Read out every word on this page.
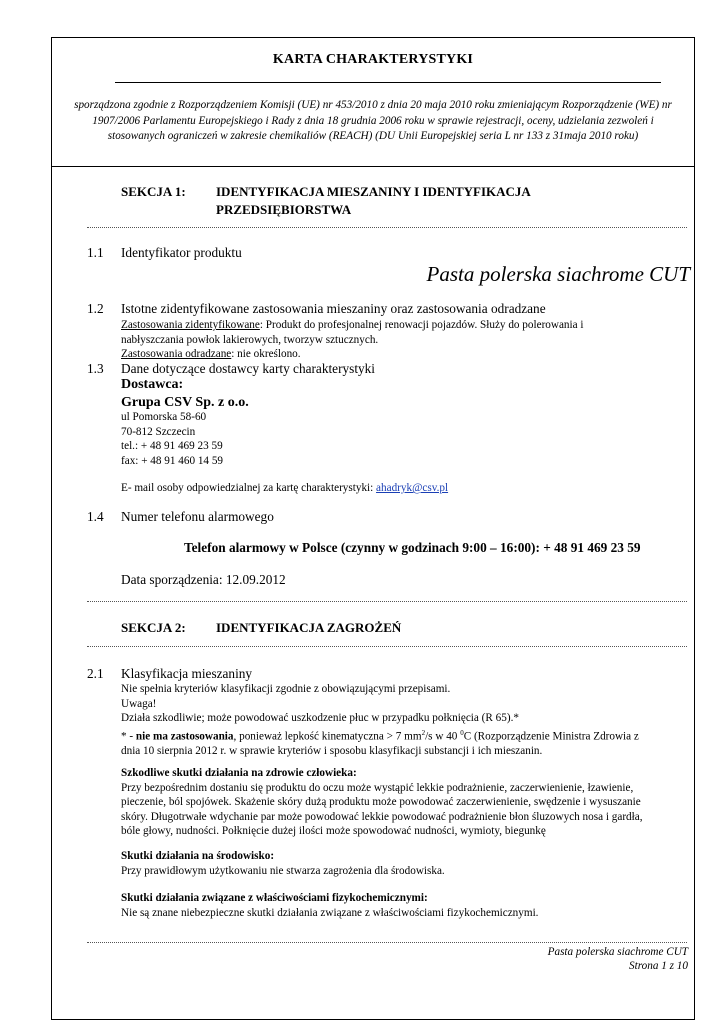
KARTA CHARAKTERYSTYKI
sporządzona zgodnie z Rozporządzeniem Komisji (UE) nr 453/2010 z dnia 20 maja 2010 roku zmieniającym Rozporządzenie (WE) nr 1907/2006 Parlamentu Europejskiego i Rady z dnia 18 grudnia 2006 roku w sprawie rejestracji, oceny, udzielania zezwoleń i stosowanych ograniczeń w zakresie chemikaliów (REACH) (DU Unii Europejskiej seria L nr 133 z 31maja 2010 roku)
SEKCJA 1: IDENTYFIKACJA MIESZANINY I IDENTYFIKACJA
PRZEDSIĘBIORSTWA
1.1 Identyfikator produktu
Pasta polerska siachrome CUT
1.2 Istotne zidentyfikowane zastosowania mieszaniny oraz zastosowania odradzane
Zastosowania zidentyfikowane: Produkt do profesjonalnej renowacji pojazdów. Służy do polerowania i
nabłyszczania powłok lakierowych, tworzyw sztucznych.
Zastosowania odradzane: nie określono.
1.3 Dane dotyczące dostawcy karty charakterystyki
Dostawca:
Grupa CSV Sp. z o.o.
ul Pomorska 58-60
70-812 Szczecin
tel.: + 48 91 469 23 59
fax: + 48 91 460 14 59
E- mail osoby odpowiedzialnej za kartę charakterystyki: ahadryk@csv.pl
1.4 Numer telefonu alarmowego
Telefon alarmowy w Polsce (czynny w godzinach 9:00 – 16:00): + 48 91 469 23 59
Data sporządzenia: 12.09.2012
SEKCJA 2: IDENTYFIKACJA ZAGROŻEŃ
2.1 Klasyfikacja mieszaniny
Nie spełnia kryteriów klasyfikacji zgodnie z obowiązującymi przepisami.
Uwaga!
Działa szkodliwie; może powodować uszkodzenie płuc w przypadku połknięcia (R 65).*
* - nie ma zastosowania, ponieważ lepkość kinematyczna > 7 $mm^2/s$ w 40 $^0$C (Rozporządzenie Ministra Zdrowia z
dnia 10 sierpnia 2012 r. w sprawie kryteriów i sposobu klasyfikacji substancji i ich mieszanin.
Szkodliwe skutki działania na zdrowie człowieka:
Przy bezpośrednim dostaniu się produktu do oczu może wystąpić lekkie podrażnienie, zaczerwienienie, łzawienie,
pieczenie, ból spojówek. Skażenie skóry dużą produktu może powodować zaczerwienienie, swędzenie i wysuszanie
skóry. Długotrwałe wdychanie par może powodować lekkie powodować podrażnienie błon śluzowych nosa i gardła,
bóle głowy, nudności. Połknięcie dużej ilości może spowodować nudności, wymioty, biegunkę
Skutki działania na środowisko:
Przy prawidłowym użytkowaniu nie stwarza zagrożenia dla środowiska.
Skutki działania związane z właściwościami fizykochemicznymi:
Nie są znane niebezpieczne skutki działania związane z właściwościami fizykochemicznymi.
Pasta polerska siachrome CUT
Strona 1 z 10
